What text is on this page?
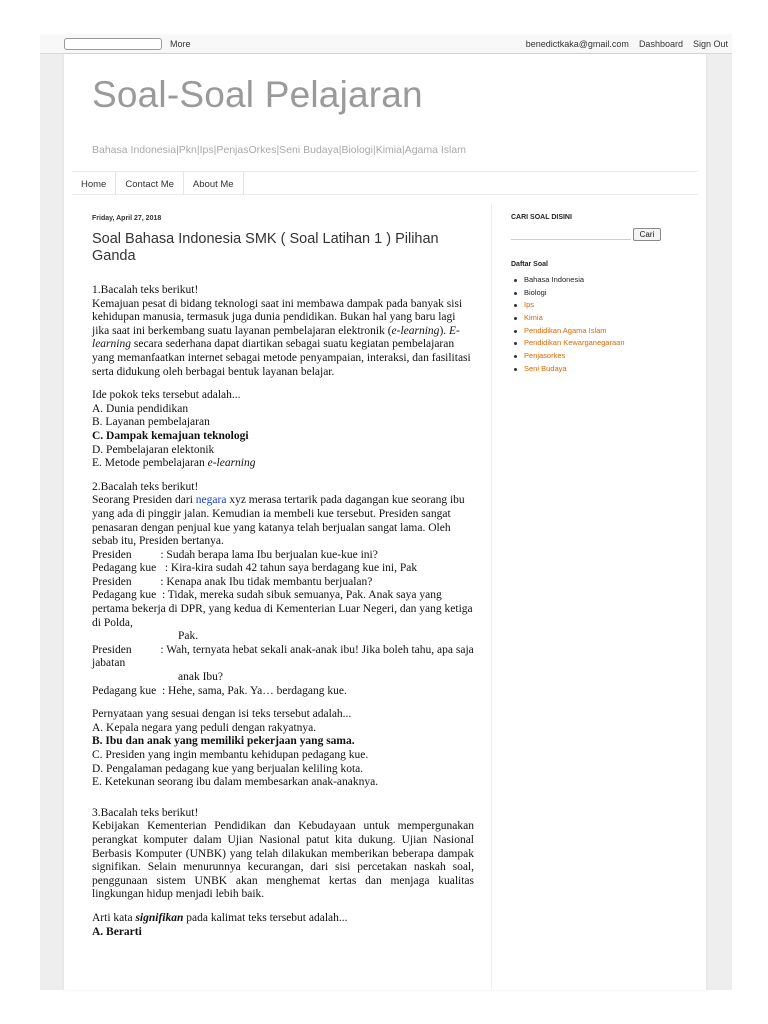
More	benedictkaka@gmail.com Dashboard Sign Out
Soal-Soal Pelajaran
Bahasa Indonesia|Pkn|Ips|PenjasOrkes|Seni Budaya|Biologi|Kimia|Agama Islam
Home	Contact Me	About Me
Friday, April 27, 2018
Soal Bahasa Indonesia SMK ( Soal Latihan 1 ) Pilihan Ganda
1.Bacalah teks berikut!
Kemajuan pesat di bidang teknologi saat ini membawa dampak pada banyak sisi kehidupan manusia, termasuk juga dunia pendidikan. Bukan hal yang baru lagi jika saat ini berkembang suatu layanan pembelajaran elektronik (e-learning). E-learning secara sederhana dapat diartikan sebagai suatu kegiatan pembelajaran yang memanfaatkan internet sebagai metode penyampaian, interaksi, dan fasilitasi serta didukung oleh berbagai bentuk layanan belajar.
Ide pokok teks tersebut adalah...
A. Dunia pendidikan
B. Layanan pembelajaran
C. Dampak kemajuan teknologi
D. Pembelajaran elektonik
E. Metode pembelajaran e-learning
2.Bacalah teks berikut!
Seorang Presiden dari negara xyz merasa tertarik pada dagangan kue seorang ibu yang ada di pinggir jalan. Kemudian ia membeli kue tersebut. Presiden sangat penasaran dengan penjual kue yang katanya telah berjualan sangat lama. Oleh sebab itu, Presiden bertanya.
Presiden          : Sudah berapa lama Ibu berjualan kue-kue ini?
Pedagang kue   : Kira-kira sudah 42 tahun saya berdagang kue ini, Pak
Presiden          : Kenapa anak Ibu tidak membantu berjualan?
Pedagang kue  : Tidak, mereka sudah sibuk semuanya, Pak. Anak saya yang pertama bekerja di DPR, yang kedua di Kementerian Luar Negeri, dan yang ketiga di Polda,
Pak.
Presiden          : Wah, ternyata hebat sekali anak-anak ibu! Jika boleh tahu, apa saja jabatan
anak Ibu?
Pedagang kue  : Hehe, sama, Pak. Ya… berdagang kue.
Pernyataan yang sesuai dengan isi teks tersebut adalah...
A. Kepala negara yang peduli dengan rakyatnya.
B. Ibu dan anak yang memiliki pekerjaan yang sama.
C. Presiden yang ingin membantu kehidupan pedagang kue.
D. Pengalaman pedagang kue yang berjualan keliling kota.
E. Ketekunan seorang ibu dalam membesarkan anak-anaknya.
3.Bacalah teks berikut!
Kebijakan Kementerian Pendidikan dan Kebudayaan untuk mempergunakan perangkat komputer dalam Ujian Nasional patut kita dukung. Ujian Nasional Berbasis Komputer (UNBK) yang telah dilakukan memberikan beberapa dampak signifikan. Selain menurunnya kecurangan, dari sisi percetakan naskah soal, penggunaan sistem UNBK akan menghemat kertas dan menjaga kualitas lingkungan hidup menjadi lebih baik.
Arti kata signifikan pada kalimat teks tersebut adalah...
A. Berarti
CARI SOAL DISINI
Cari
Daftar Soal
Bahasa Indonesia
Biologi
Ips
Kimia
Pendidikan Agama Islam
Pendidikan Kewarganegaraan
Penjasorkes
Seni Budaya
